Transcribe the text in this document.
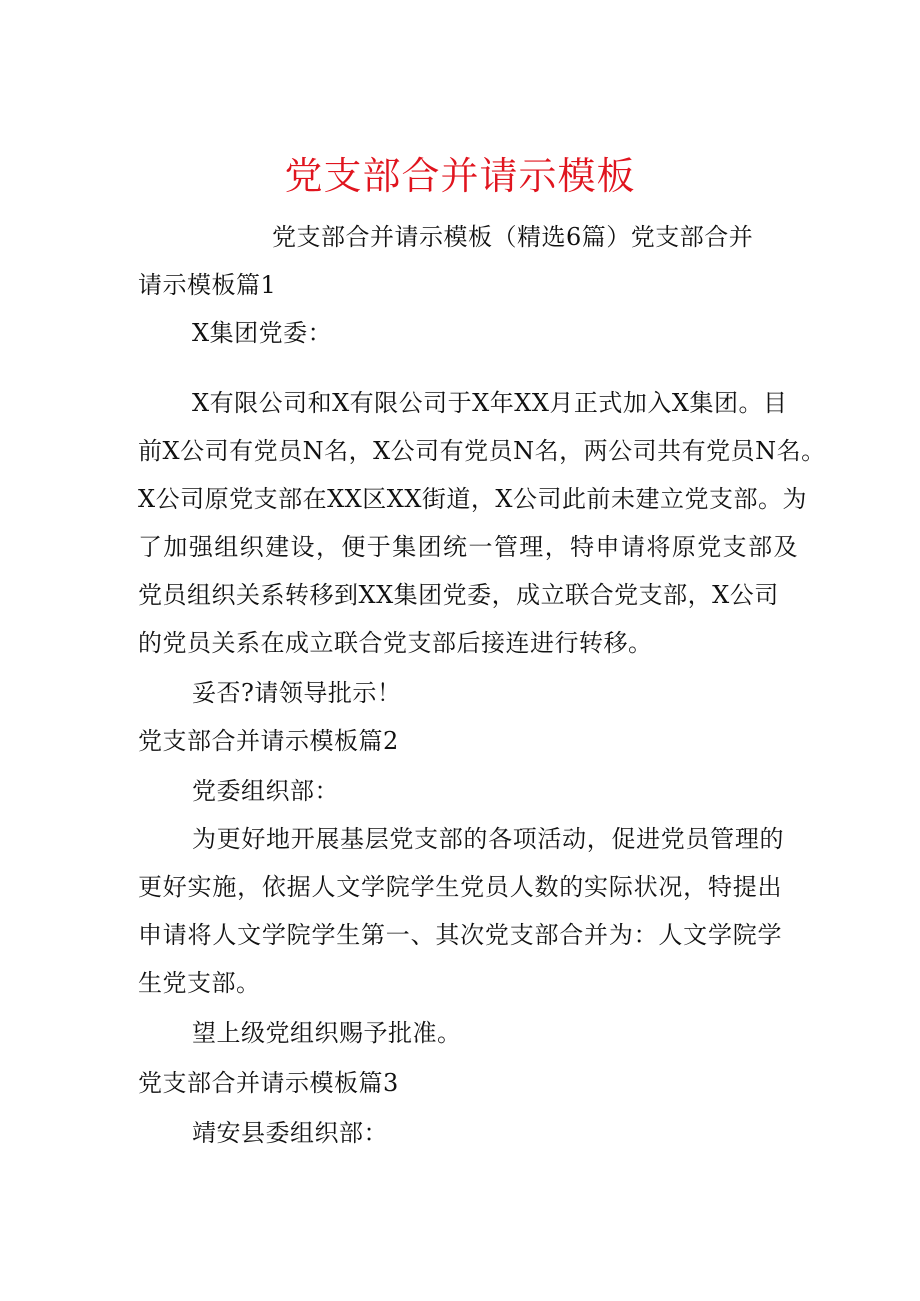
党支部合并请示模板
党支部合并请示模板（精选6篇）党支部合并
请示模板篇1
X集团党委：
X有限公司和X有限公司于X年XX月正式加入X集团。目
前X公司有党员N名，X公司有党员N名，两公司共有党员N名。
X公司原党支部在XX区XX街道，X公司此前未建立党支部。为
了加强组织建设，便于集团统一管理，特申请将原党支部及
党员组织关系转移到XX集团党委，成立联合党支部，X公司
的党员关系在成立联合党支部后接连进行转移。
妥否?请领导批示！
党支部合并请示模板篇2
党委组织部：
为更好地开展基层党支部的各项活动，促进党员管理的
更好实施，依据人文学院学生党员人数的实际状况，特提出
申请将人文学院学生第一、其次党支部合并为：人文学院学
生党支部。
望上级党组织赐予批准。
党支部合并请示模板篇3
靖安县委组织部：
